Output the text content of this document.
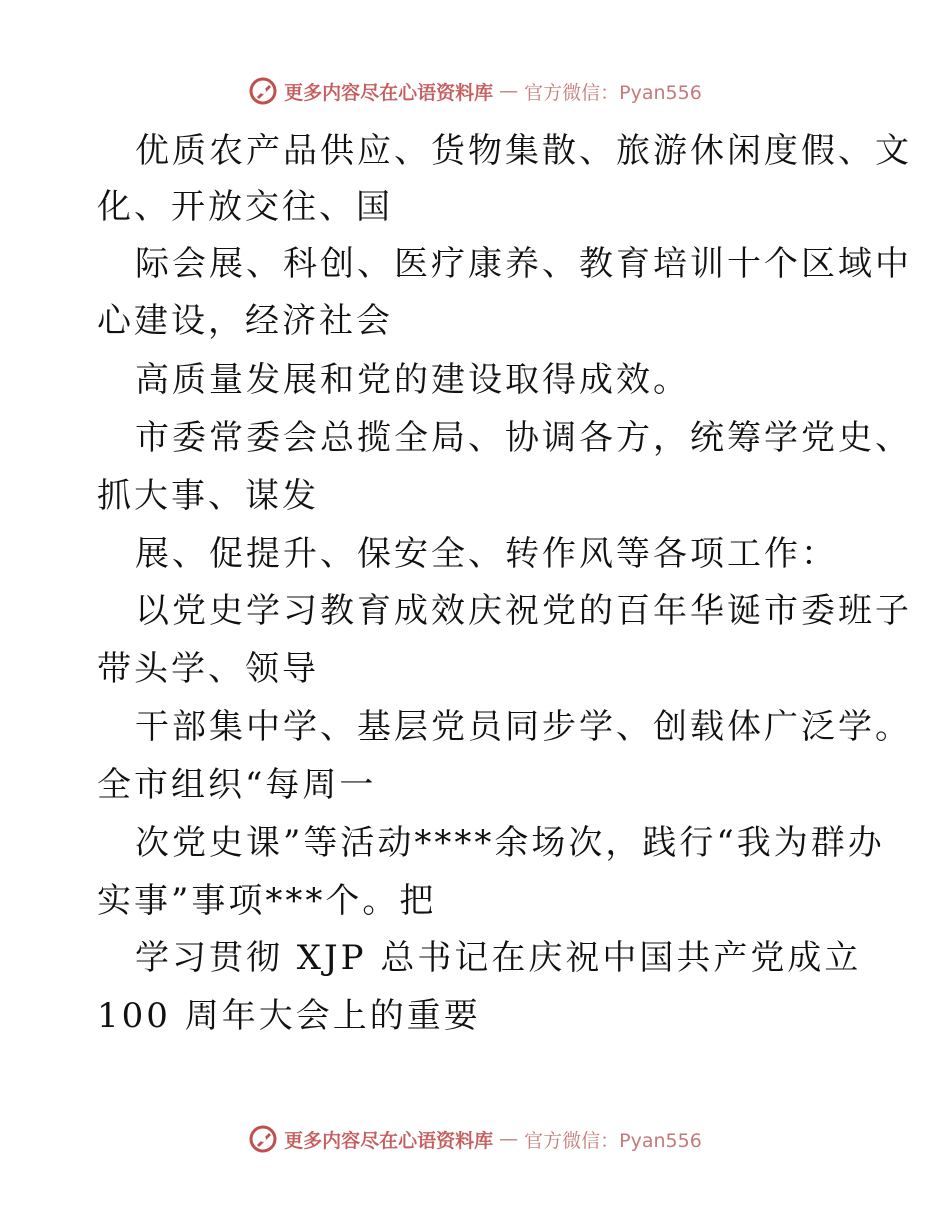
更多内容尽在心语资料库 — 官方微信：Pyan556
优质农产品供应、货物集散、旅游休闲度假、文
化、开放交往、国
际会展、科创、医疗康养、教育培训十个区域中
心建设，经济社会
高质量发展和党的建设取得成效。
市委常委会总揽全局、协调各方，统筹学党史、
抓大事、谋发
展、促提升、保安全、转作风等各项工作：
以党史学习教育成效庆祝党的百年华诞市委班子
带头学、领导
干部集中学、基层党员同步学、创载体广泛学。
全市组织“每周一
次党史课”等活动****余场次，践行“我为群办
实事”事项***个。把
学习贯彻 XJP 总书记在庆祝中国共产党成立
100 周年大会上的重要
更多内容尽在心语资料库 — 官方微信：Pyan556
